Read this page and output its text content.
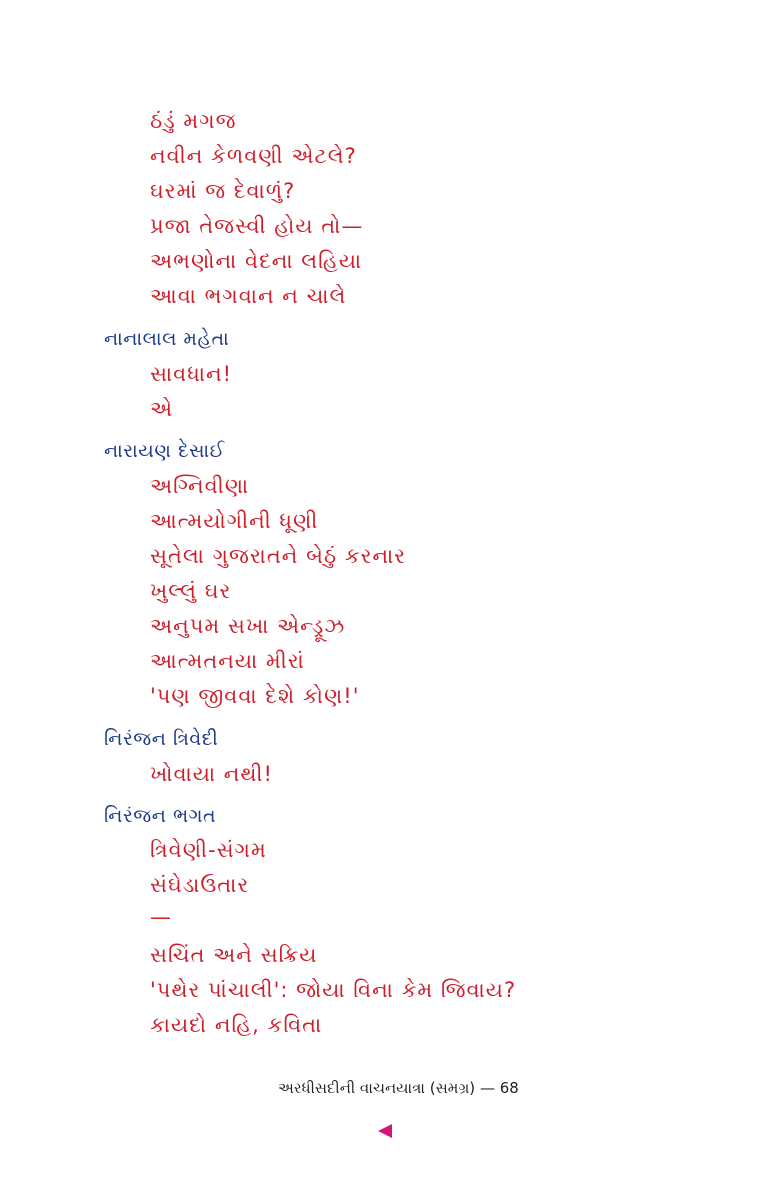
ઠંડું મગજ
નવીન કેળવણી એટલે?
ઘરમાં જ દેવાળું?
પ્રજા તેજસ્વી હોય તો—
અભણોના વેદના લહિયા
આવા ભગવાન ન ચાલે
નાનાલાલ મહેતા
સાવધાન!
એ
નારાયણ દેસાઈ
અગ્નિવીણા
આત્મયોગીની ધૂણી
સૂતેલા ગુજરાતને બેઠું કરનાર
ખુલ્લું ઘર
અનુપમ સખા એન્ડ્રૂઝ
આત્મતનયા મીરાં
'પણ જીવવા દેશે કોણ!'
નિરંજન ત્રિવેદી
ખોવાયા નથી!
નિરંજન ભગત
ત્રિવેણી-સંગમ
સંઘેડાઉતાર
—
સચિંત અને સક્રિય
'પથેર પાંચાલી': જોયા વિના કેમ જિવાય?
કાયદો નહિ, કવિતા
અરધીસદીની વાચનયાત્રા (સમગ્ર) — 68
